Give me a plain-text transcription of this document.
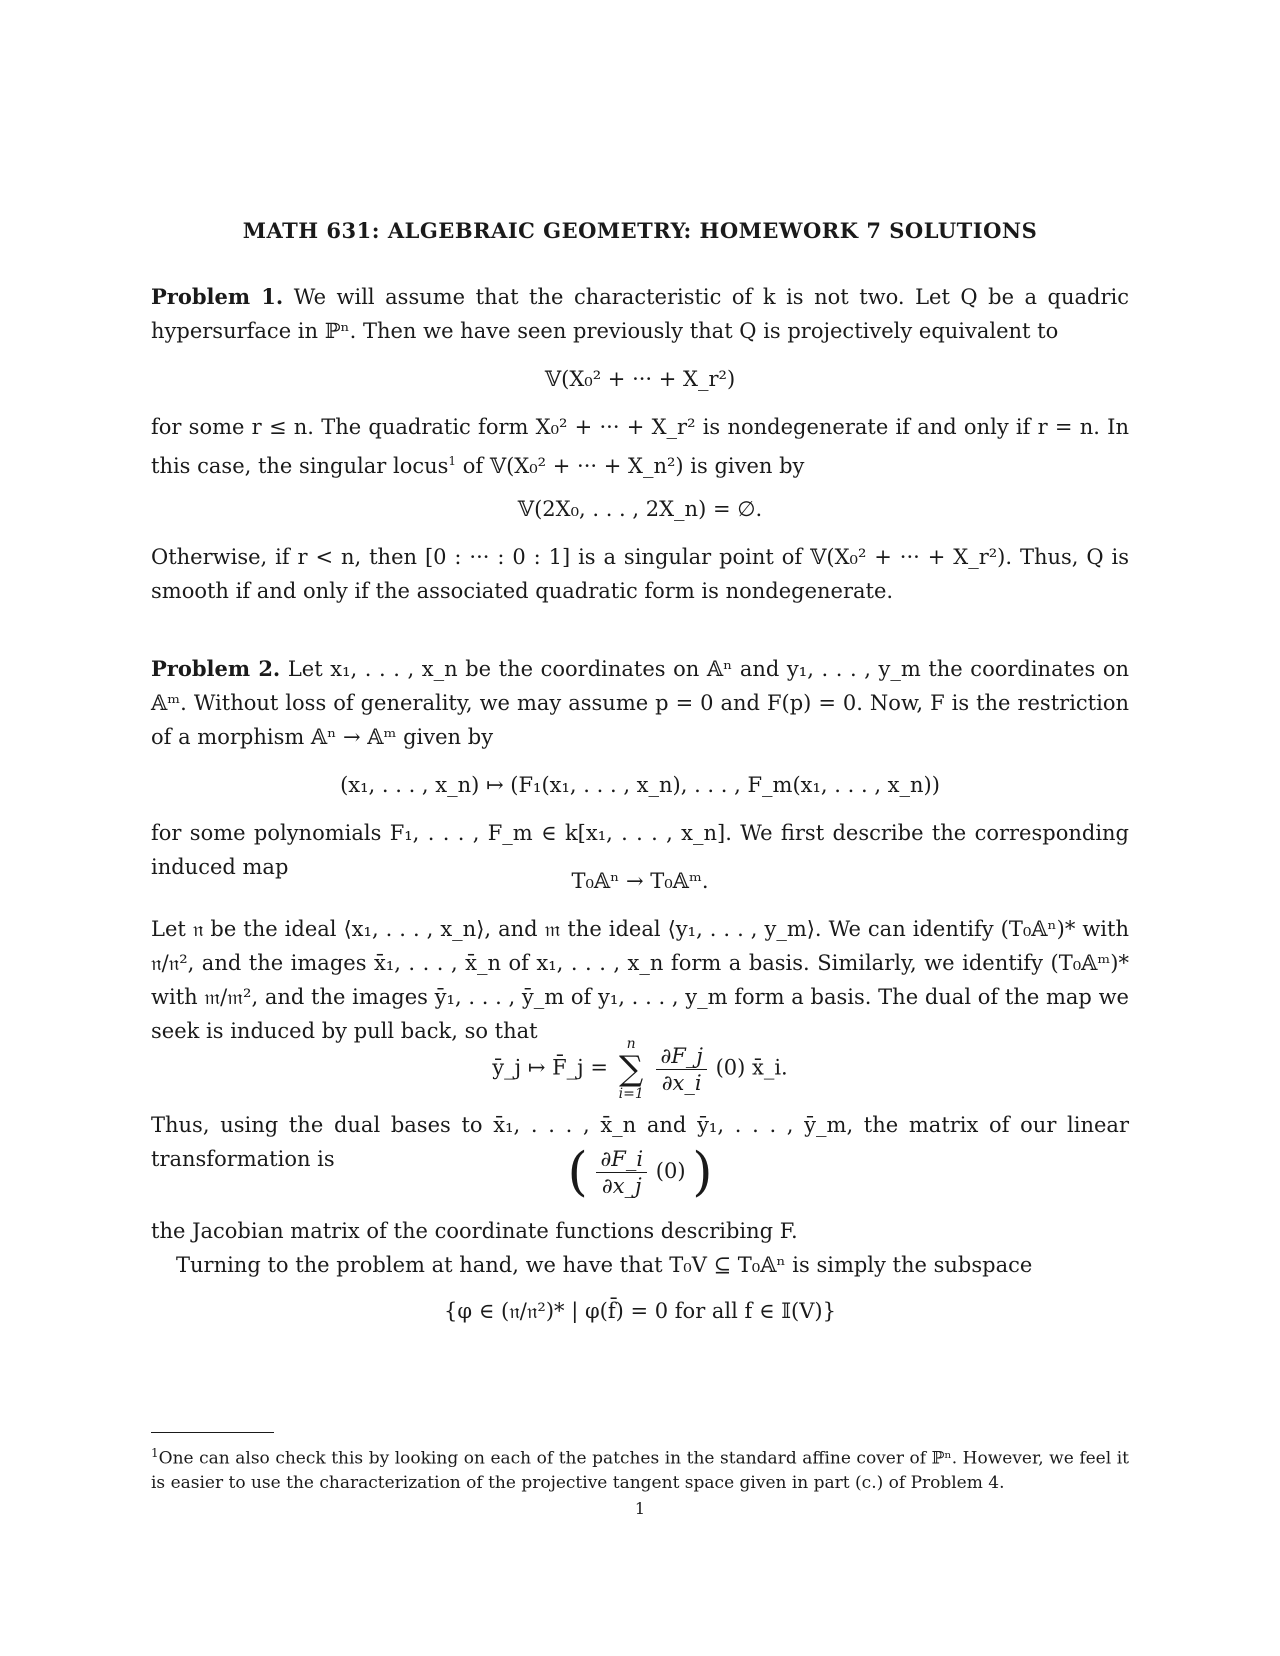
MATH 631: ALGEBRAIC GEOMETRY: HOMEWORK 7 SOLUTIONS
Problem 1. We will assume that the characteristic of k is not two. Let Q be a quadric hypersurface in ℙⁿ. Then we have seen previously that Q is projectively equivalent to
𝕍(X₀² + ··· + X_r²)
for some r ≤ n. The quadratic form X₀² + ··· + X_r² is nondegenerate if and only if r = n. In this case, the singular locus$^1$ of 𝕍(X₀² + ··· + X_n²) is given by
𝕍(2X₀, . . . , 2X_n) = ∅.
Otherwise, if r < n, then [0 : ··· : 0 : 1] is a singular point of 𝕍(X₀² + ··· + X_r²). Thus, Q is smooth if and only if the associated quadratic form is nondegenerate.
Problem 2. Let x₁, . . . , x_n be the coordinates on 𝔸ⁿ and y₁, . . . , y_m the coordinates on 𝔸ᵐ. Without loss of generality, we may assume p = 0 and F(p) = 0. Now, F is the restriction of a morphism 𝔸ⁿ → 𝔸ᵐ given by
(x₁, . . . , x_n) ↦ (F₁(x₁, . . . , x_n), . . . , F_m(x₁, . . . , x_n))
for some polynomials F₁, . . . , F_m ∈ k[x₁, . . . , x_n]. We first describe the corresponding induced map
T₀𝔸ⁿ → T₀𝔸ᵐ.
Let 𝔫 be the ideal ⟨x₁, . . . , x_n⟩, and 𝔪 the ideal ⟨y₁, . . . , y_m⟩. We can identify (T₀𝔸ⁿ)* with 𝔫/𝔫², and the images x̄₁, . . . , x̄_n of x₁, . . . , x_n form a basis. Similarly, we identify (T₀𝔸ᵐ)* with 𝔪/𝔪², and the images ȳ₁, . . . , ȳ_m of y₁, . . . , y_m form a basis. The dual of the map we seek is induced by pull back, so that
ȳ_j ↦ F̄_j = n
∑
$i=1 \frac{\partial F\_j}{\partial x\_i} (0)$ x̄_i.
Thus, using the dual bases to x̄₁, . . . , x̄_n and ȳ₁, . . . , ȳ_m, the matrix of our linear transformation is	( $\frac{\partial F\_i}{\partial x\_j} (0)$ )
the Jacobian matrix of the coordinate functions describing F.
Turning to the problem at hand, we have that T₀V ⊆ T₀𝔸ⁿ is simply the subspace
{φ ∈ (𝔫/𝔫²)* | φ(f̄) = 0 for all f ∈ 𝕀(V)}
$^1$One can also check this by looking on each of the patches in the standard affine cover of ℙⁿ. However, we feel it is easier to use the characterization of the projective tangent space given in part (c.) of Problem 4.
1
